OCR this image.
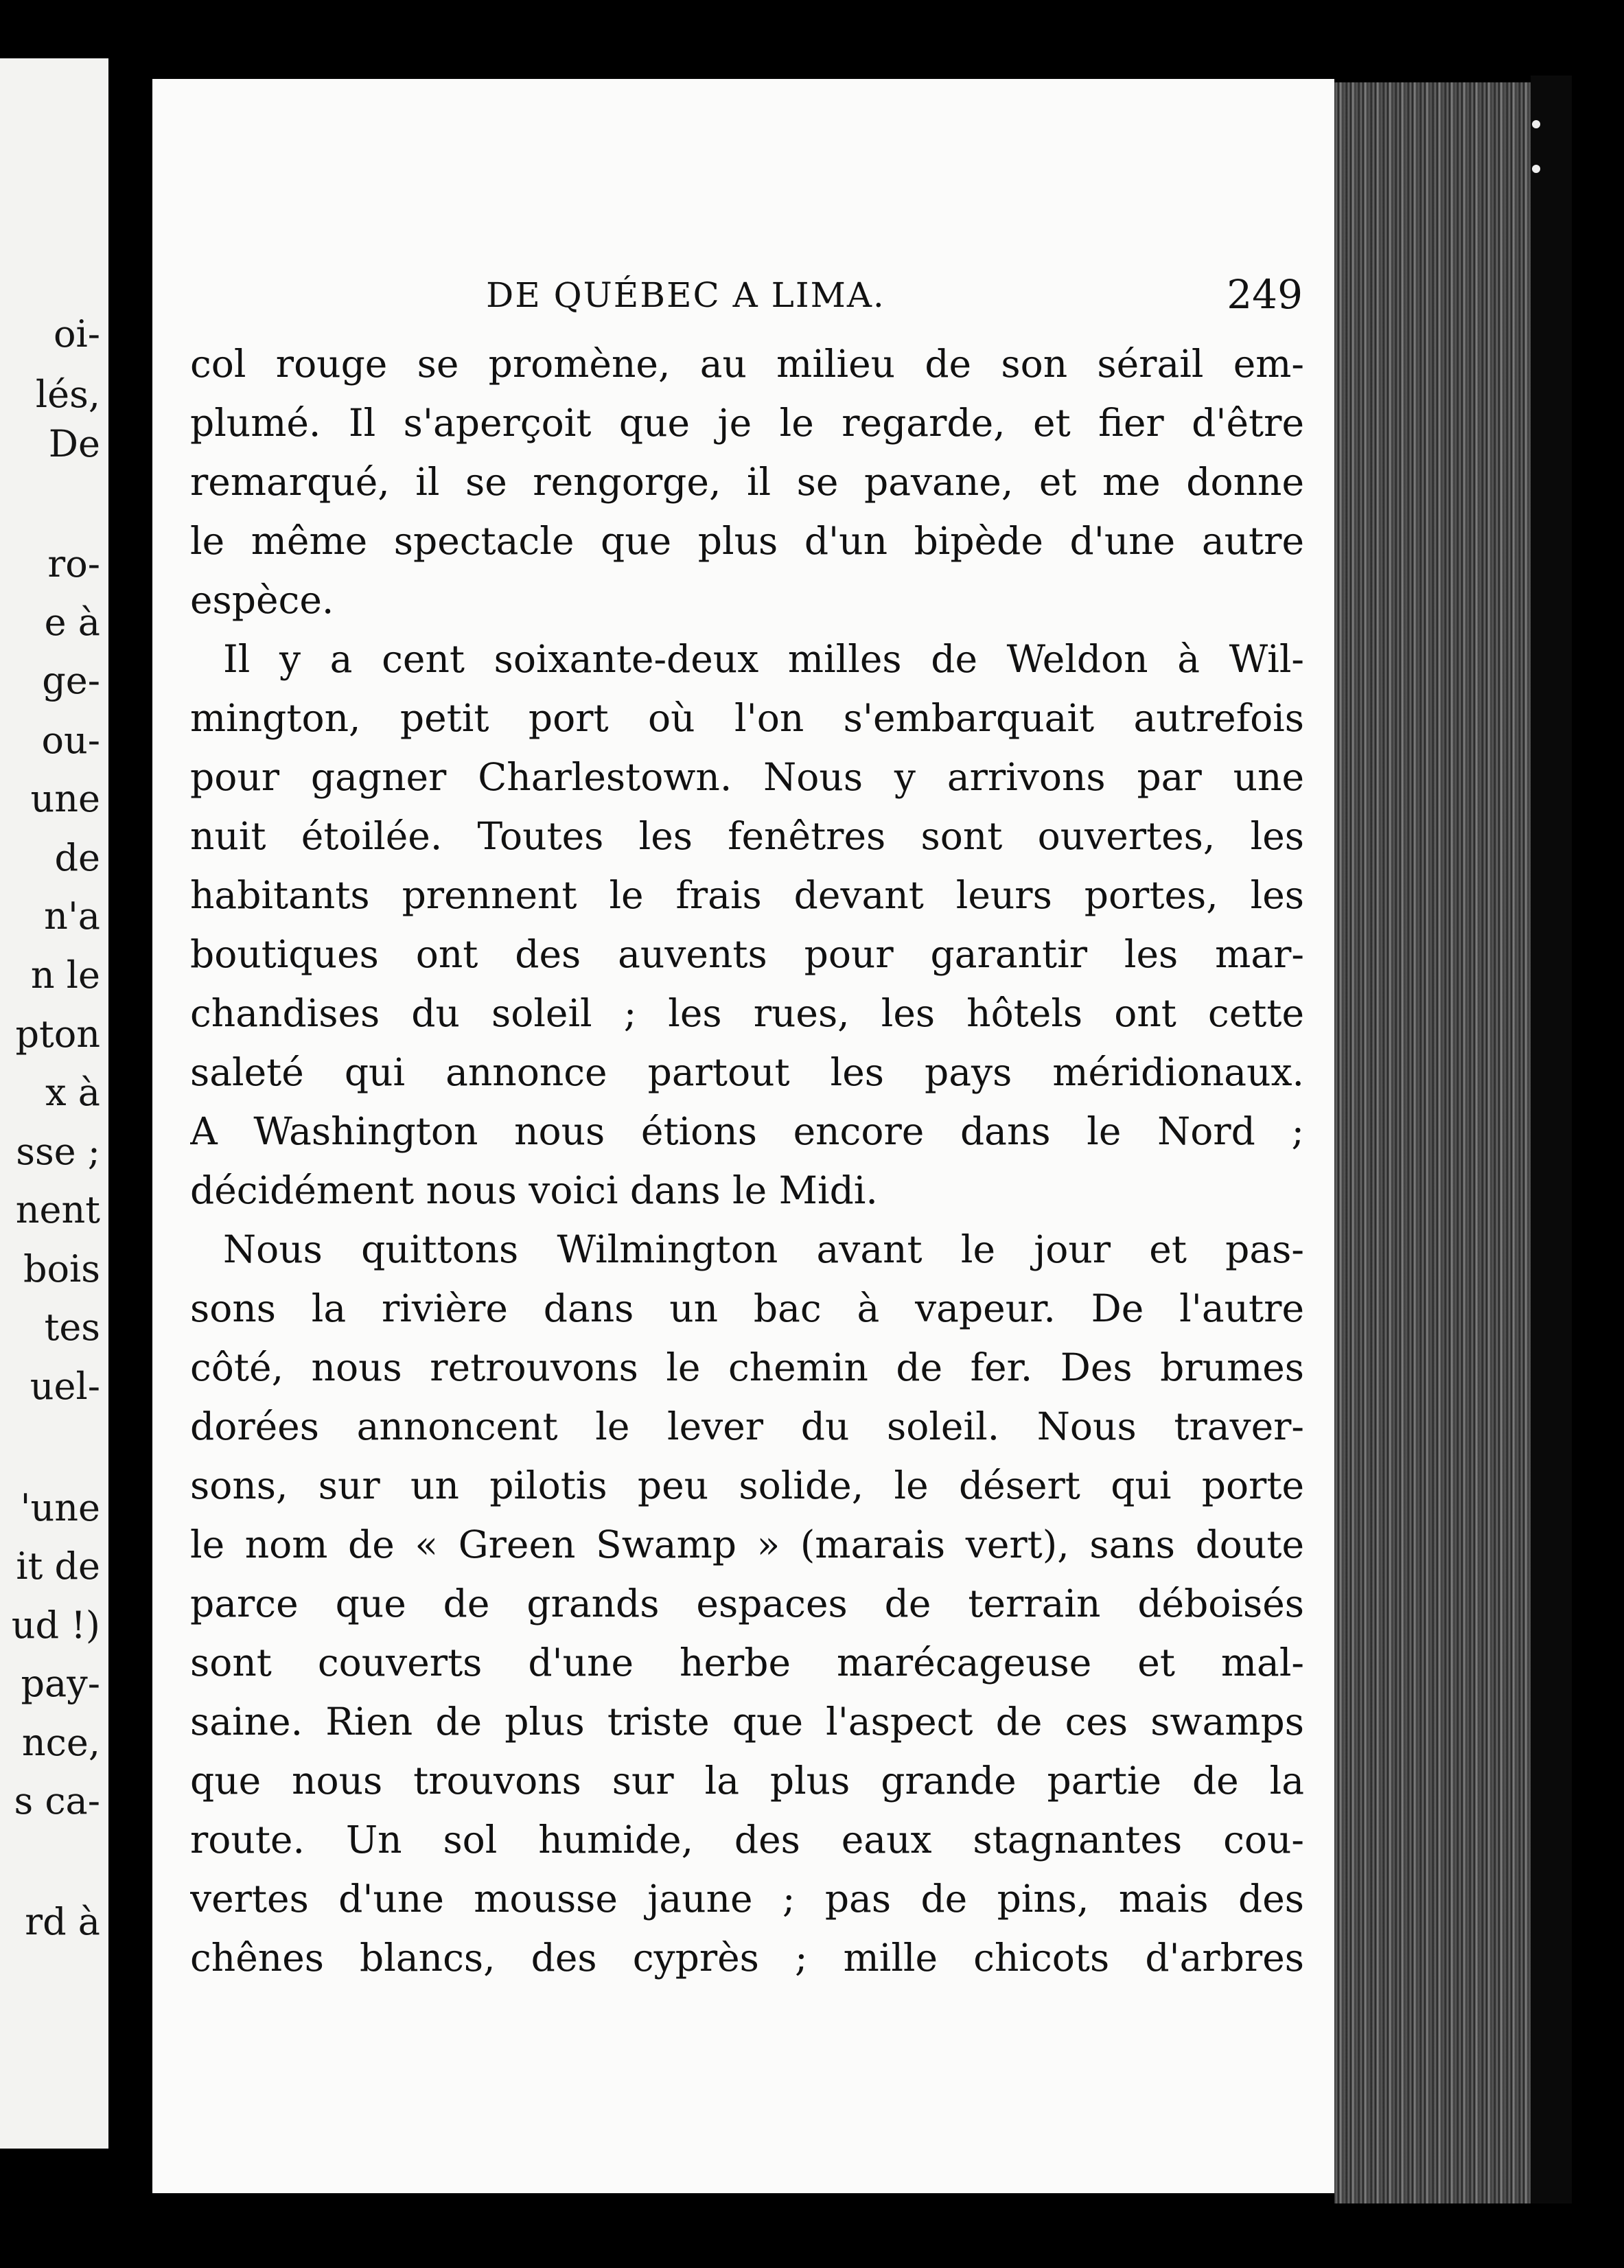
oi-
lés,
De
ro-
e à
ge-
ou-
une
de
n'a
n le
pton
x à
sse ;
nent
bois
tes
uel-
'une
it de
ud !)
pay-
nce,
s ca-
rd à
DE QUÉBEC A LIMA.	249
col rouge se promène, au milieu de son sérail em-
plumé. Il s'aperçoit que je le regarde, et fier d'être
remarqué, il se rengorge, il se pavane, et me donne
le même spectacle que plus d'un bipède d'une autre
espèce.
Il y a cent soixante-deux milles de Weldon à Wil-
mington, petit port où l'on s'embarquait autrefois
pour gagner Charlestown. Nous y arrivons par une
nuit étoilée. Toutes les fenêtres sont ouvertes, les
habitants prennent le frais devant leurs portes, les
boutiques ont des auvents pour garantir les mar-
chandises du soleil ; les rues, les hôtels ont cette
saleté qui annonce partout les pays méridionaux.
A Washington nous étions encore dans le Nord ;
décidément nous voici dans le Midi.
Nous quittons Wilmington avant le jour et pas-
sons la rivière dans un bac à vapeur. De l'autre
côté, nous retrouvons le chemin de fer. Des brumes
dorées annoncent le lever du soleil. Nous traver-
sons, sur un pilotis peu solide, le désert qui porte
le nom de « Green Swamp » (marais vert), sans doute
parce que de grands espaces de terrain déboisés
sont couverts d'une herbe marécageuse et mal-
saine. Rien de plus triste que l'aspect de ces swamps
que nous trouvons sur la plus grande partie de la
route. Un sol humide, des eaux stagnantes cou-
vertes d'une mousse jaune ; pas de pins, mais des
chênes blancs, des cyprès ; mille chicots d'arbres
